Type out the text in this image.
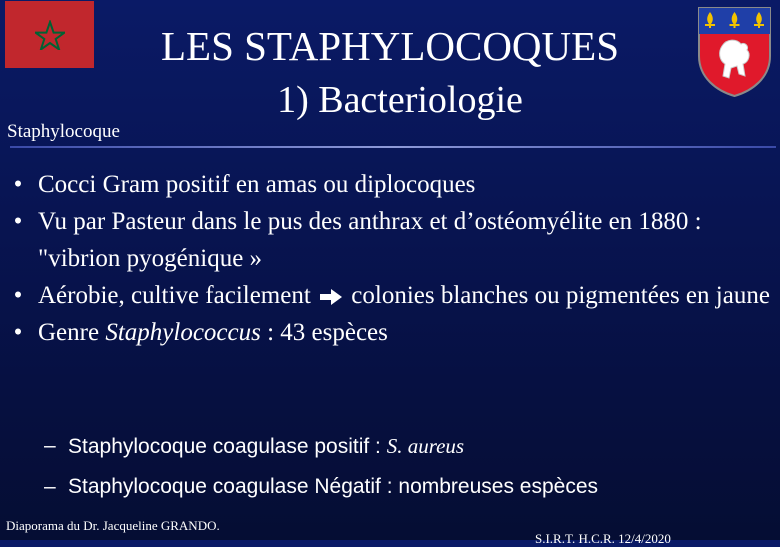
LES STAPHYLOCOQUES
1) Bacteriologie
Staphylocoque
• Cocci Gram positif en amas ou diplocoques
• Vu par Pasteur dans le pus des anthrax et d’ostéomyélite en 1880 : "vibrion pyogénique »
• Aérobie, cultive facilement colonies blanches ou pigmentées en jaune
• Genre Staphylococcus : 43 espèces
– Staphylocoque coagulase positif : S. aureus
– Staphylocoque coagulase Négatif : nombreuses espèces
Diaporama du Dr. Jacqueline GRANDO.
S.I.R.T. H.C.R. 12/4/2020
